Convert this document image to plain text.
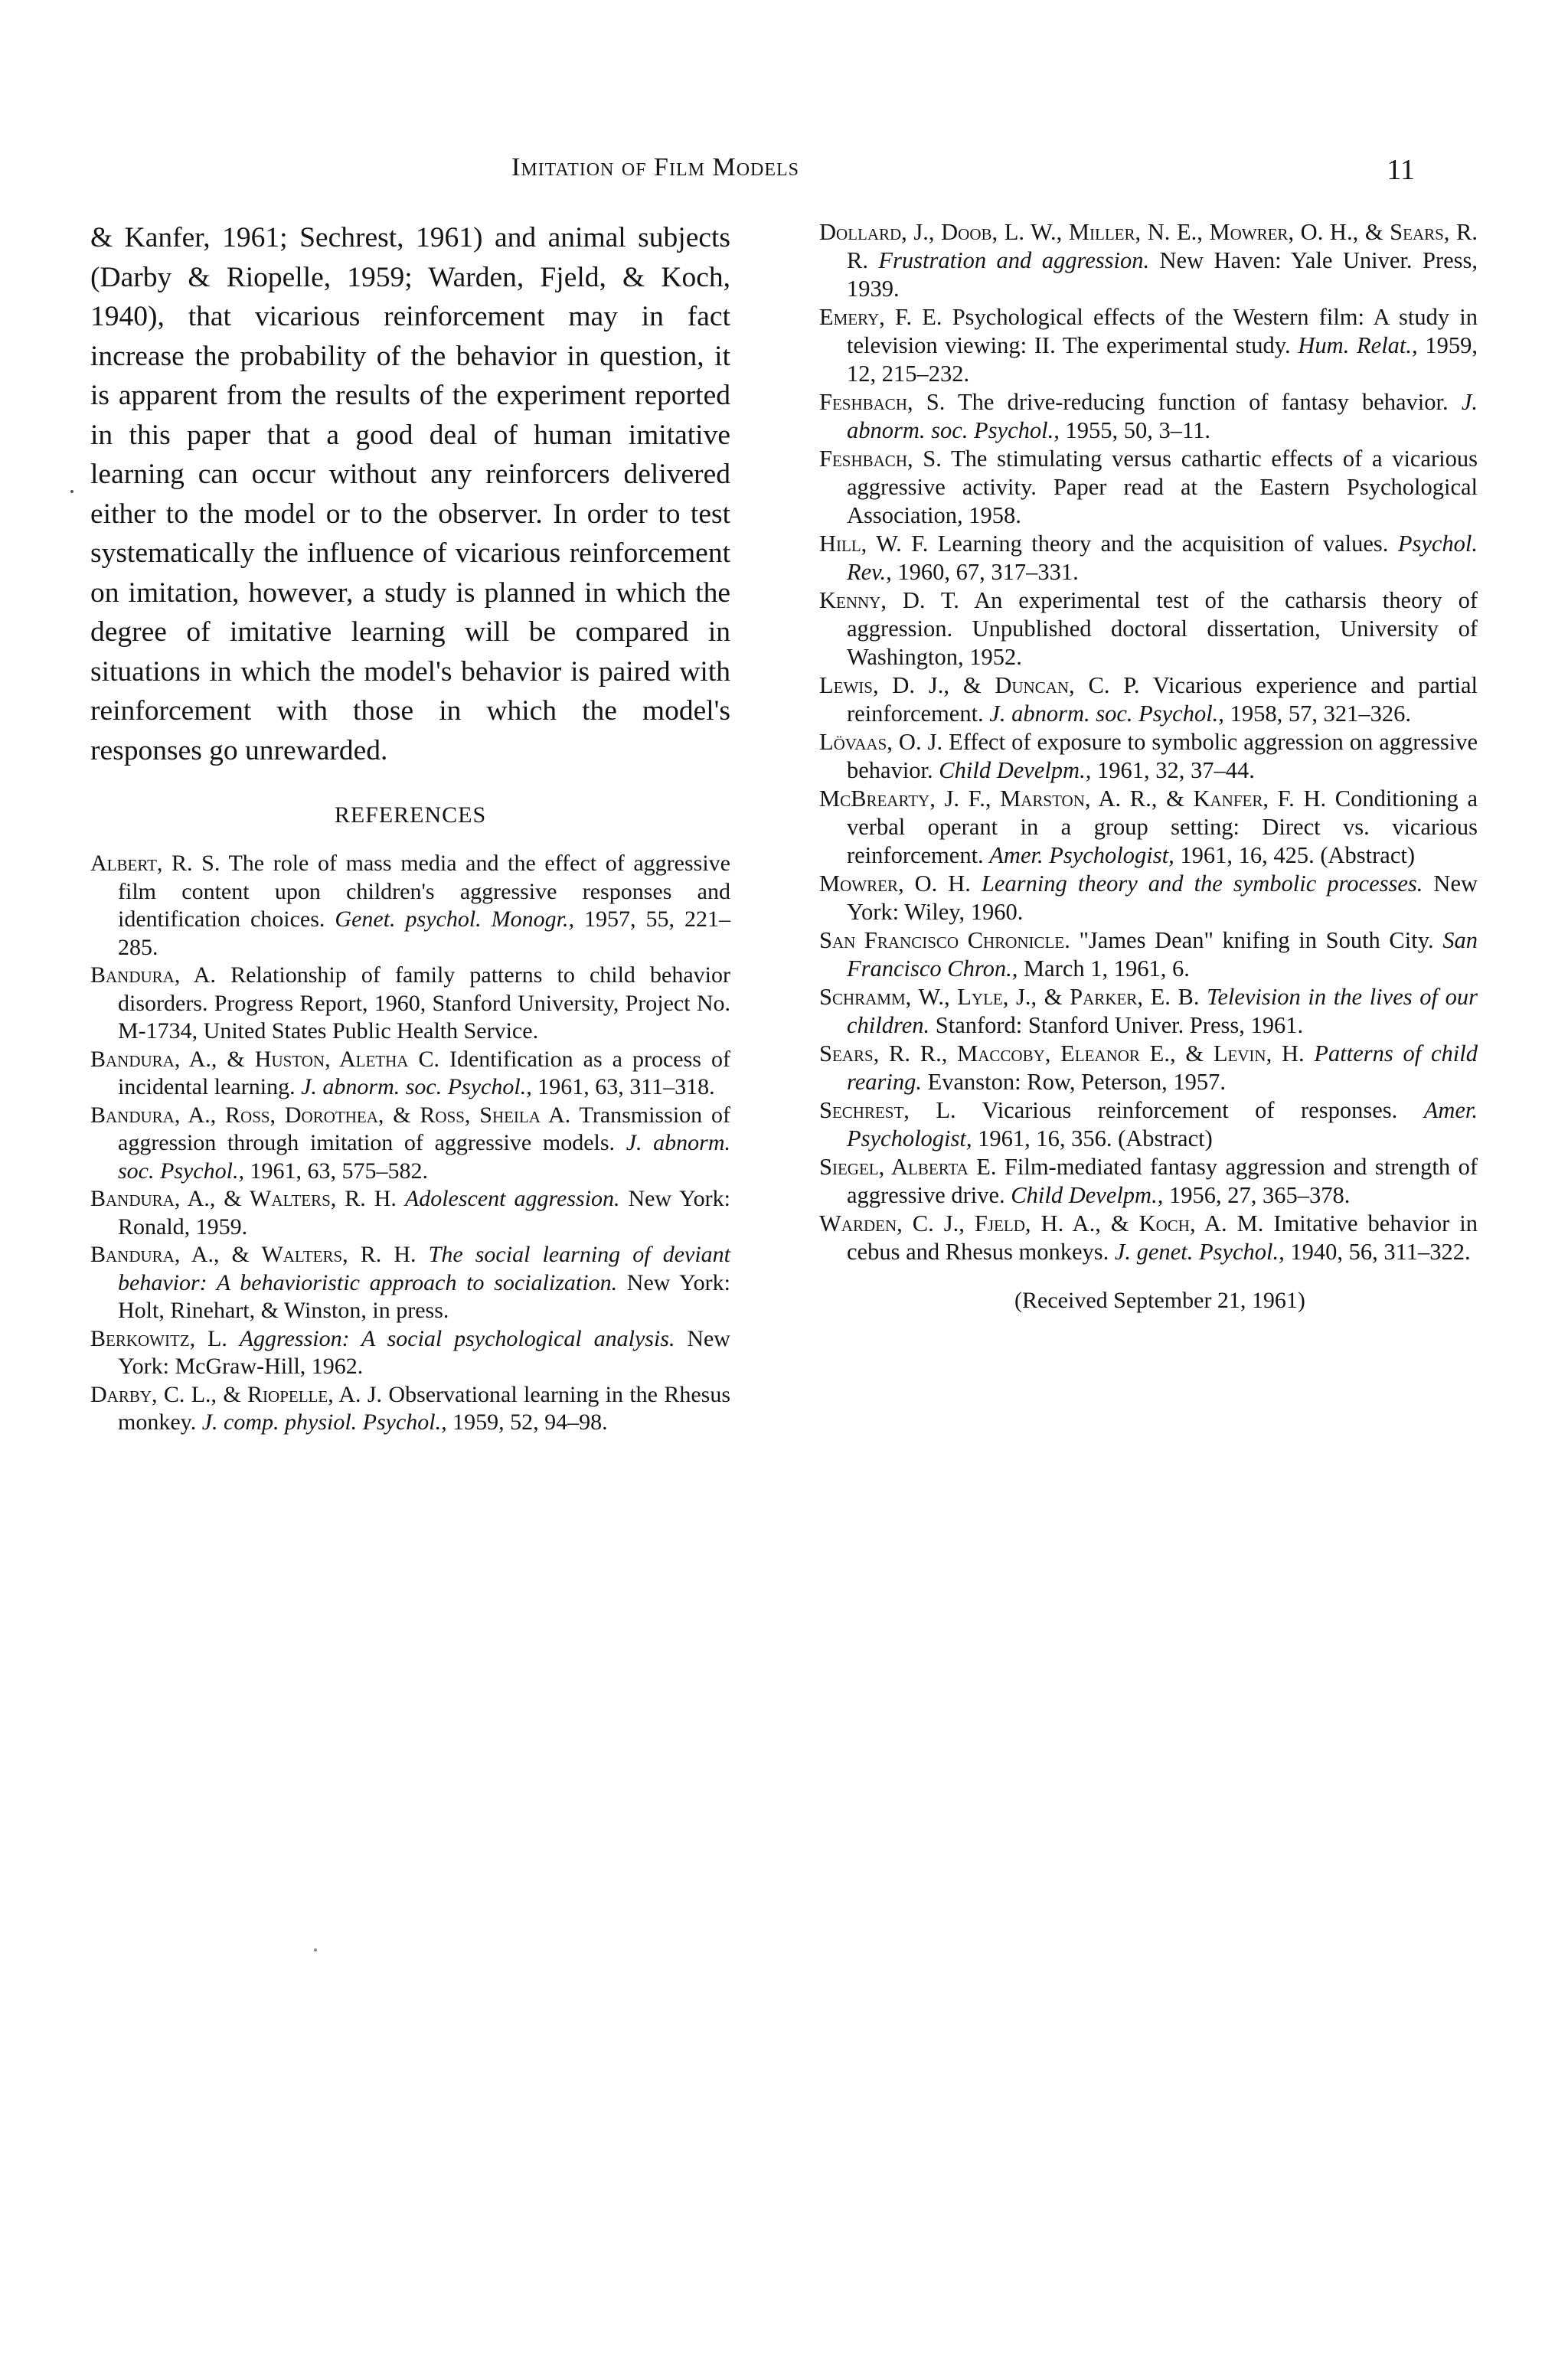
Imitation of Film Models	11

& Kanfer, 1961; Sechrest, 1961) and animal subjects (Darby & Riopelle, 1959; Warden, Fjeld, & Koch, 1940), that vicarious reinforcement may in fact increase the probability of the behavior in question, it is apparent from the results of the experiment reported in this paper that a good deal of human imitative learning can occur without any reinforcers delivered either to the model or to the observer. In order to test systematically the influence of vicarious reinforcement on imitation, however, a study is planned in which the degree of imitative learning will be compared in situations in which the model's behavior is paired with reinforcement with those in which the model's responses go unrewarded.

REFERENCES

Albert, R. S. The role of mass media and the effect of aggressive film content upon children's aggressive responses and identification choices. Genet. psychol. Monogr., 1957, 55, 221–285.

Bandura, A. Relationship of family patterns to child behavior disorders. Progress Report, 1960, Stanford University, Project No. M-1734, United States Public Health Service.

Bandura, A., & Huston, Aletha C. Identification as a process of incidental learning. J. abnorm. soc. Psychol., 1961, 63, 311–318.

Bandura, A., Ross, Dorothea, & Ross, Sheila A. Transmission of aggression through imitation of aggressive models. J. abnorm. soc. Psychol., 1961, 63, 575–582.

Bandura, A., & Walters, R. H. Adolescent aggression. New York: Ronald, 1959.

Bandura, A., & Walters, R. H. The social learning of deviant behavior: A behavioristic approach to socialization. New York: Holt, Rinehart, & Winston, in press.

Berkowitz, L. Aggression: A social psychological analysis. New York: McGraw-Hill, 1962.

Darby, C. L., & Riopelle, A. J. Observational learning in the Rhesus monkey. J. comp. physiol. Psychol., 1959, 52, 94–98.

Dollard, J., Doob, L. W., Miller, N. E., Mowrer, O. H., & Sears, R. R. Frustration and aggression. New Haven: Yale Univer. Press, 1939.

Emery, F. E. Psychological effects of the Western film: A study in television viewing: II. The experimental study. Hum. Relat., 1959, 12, 215–232.

Feshbach, S. The drive-reducing function of fantasy behavior. J. abnorm. soc. Psychol., 1955, 50, 3–11.

Feshbach, S. The stimulating versus cathartic effects of a vicarious aggressive activity. Paper read at the Eastern Psychological Association, 1958.

Hill, W. F. Learning theory and the acquisition of values. Psychol. Rev., 1960, 67, 317–331.

Kenny, D. T. An experimental test of the catharsis theory of aggression. Unpublished doctoral dissertation, University of Washington, 1952.

Lewis, D. J., & Duncan, C. P. Vicarious experience and partial reinforcement. J. abnorm. soc. Psychol., 1958, 57, 321–326.

Lövaas, O. J. Effect of exposure to symbolic aggression on aggressive behavior. Child Develpm., 1961, 32, 37–44.

McBrearty, J. F., Marston, A. R., & Kanfer, F. H. Conditioning a verbal operant in a group setting: Direct vs. vicarious reinforcement. Amer. Psychologist, 1961, 16, 425. (Abstract)

Mowrer, O. H. Learning theory and the symbolic processes. New York: Wiley, 1960.

San Francisco Chronicle. "James Dean" knifing in South City. San Francisco Chron., March 1, 1961, 6.

Schramm, W., Lyle, J., & Parker, E. B. Television in the lives of our children. Stanford: Stanford Univer. Press, 1961.

Sears, R. R., Maccoby, Eleanor E., & Levin, H. Patterns of child rearing. Evanston: Row, Peterson, 1957.

Sechrest, L. Vicarious reinforcement of responses. Amer. Psychologist, 1961, 16, 356. (Abstract)

Siegel, Alberta E. Film-mediated fantasy aggression and strength of aggressive drive. Child Develpm., 1956, 27, 365–378.

Warden, C. J., Fjeld, H. A., & Koch, A. M. Imitative behavior in cebus and Rhesus monkeys. J. genet. Psychol., 1940, 56, 311–322.

(Received September 21, 1961)
